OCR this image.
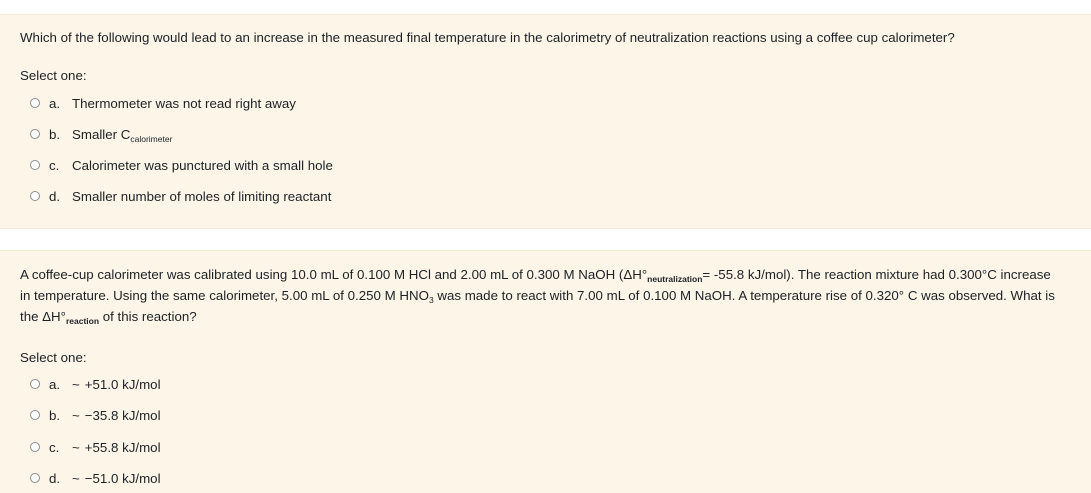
Which of the following would lead to an increase in the measured final temperature in the calorimetry of neutralization reactions using a coffee cup calorimeter?
Select one:
a. Thermometer was not read right away
b. Smaller $C_{calorimeter}$
c. Calorimeter was punctured with a small hole
d. Smaller number of moles of limiting reactant
A coffee-cup calorimeter was calibrated using 10.0 mL of 0.100 M HCl and 2.00 mL of 0.300 M NaOH ($\Delta H^\circ_{neutralization}= -55.8$ kJ/mol). The reaction mixture had 0.300°C increase in temperature. Using the same calorimeter, 5.00 mL of 0.250 M $HNO_3$ was made to react with 7.00 mL of 0.100 M NaOH. A temperature rise of 0.320° C was observed. What is the $\Delta H^\circ_{reaction}$ of this reaction?
Select one:
a. ~ +51.0 kJ/mol
b. ~ −35.8 kJ/mol
c. ~ +55.8 kJ/mol
d. ~ −51.0 kJ/mol
